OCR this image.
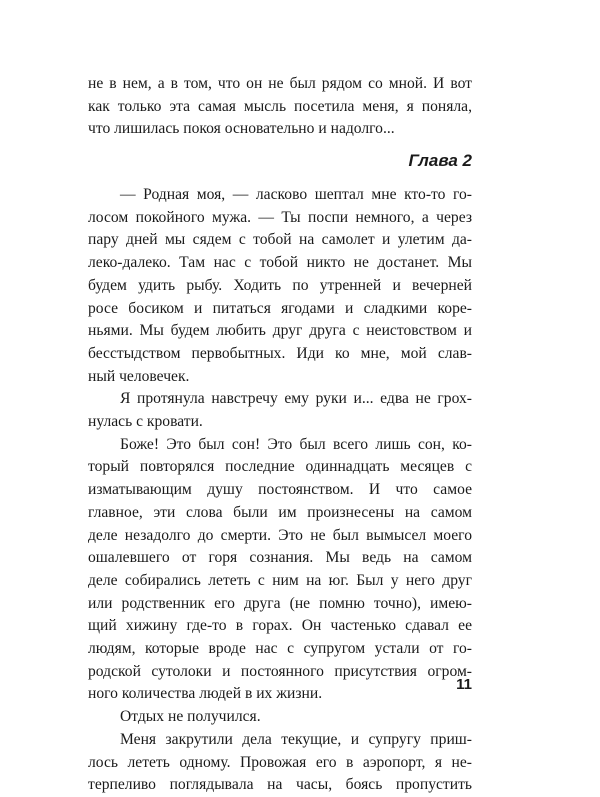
не в нем, а в том, что он не был рядом со мной. И вот
как только эта самая мысль посетила меня, я поняла,
что лишилась покоя основательно и надолго...
Глава 2
— Родная моя, — ласково шептал мне кто-то го-
лосом покойного мужа. — Ты поспи немного, а через
пару дней мы сядем с тобой на самолет и улетим да-
леко-далеко. Там нас с тобой никто не достанет. Мы
будем удить рыбу. Ходить по утренней и вечерней
росе босиком и питаться ягодами и сладкими коре-
ньями. Мы будем любить друг друга с неистовством и
бесстыдством первобытных. Иди ко мне, мой слав-
ный человечек.
Я протянула навстречу ему руки и... едва не грох-
нулась с кровати.
Боже! Это был сон! Это был всего лишь сон, ко-
торый повторялся последние одиннадцать месяцев с
изматывающим душу постоянством. И что самое
главное, эти слова были им произнесены на самом
деле незадолго до смерти. Это не был вымысел моего
ошалевшего от горя сознания. Мы ведь на самом
деле собирались лететь с ним на юг. Был у него друг
или родственник его друга (не помню точно), имею-
щий хижину где-то в горах. Он частенько сдавал ее
людям, которые вроде нас с супругом устали от го-
родской сутолоки и постоянного присутствия огром-
ного количества людей в их жизни.
Отдых не получился.
Меня закрутили дела текущие, и супругу приш-
лось лететь одному. Провожая его в аэропорт, я не-
терпеливо поглядывала на часы, боясь пропустить
11
